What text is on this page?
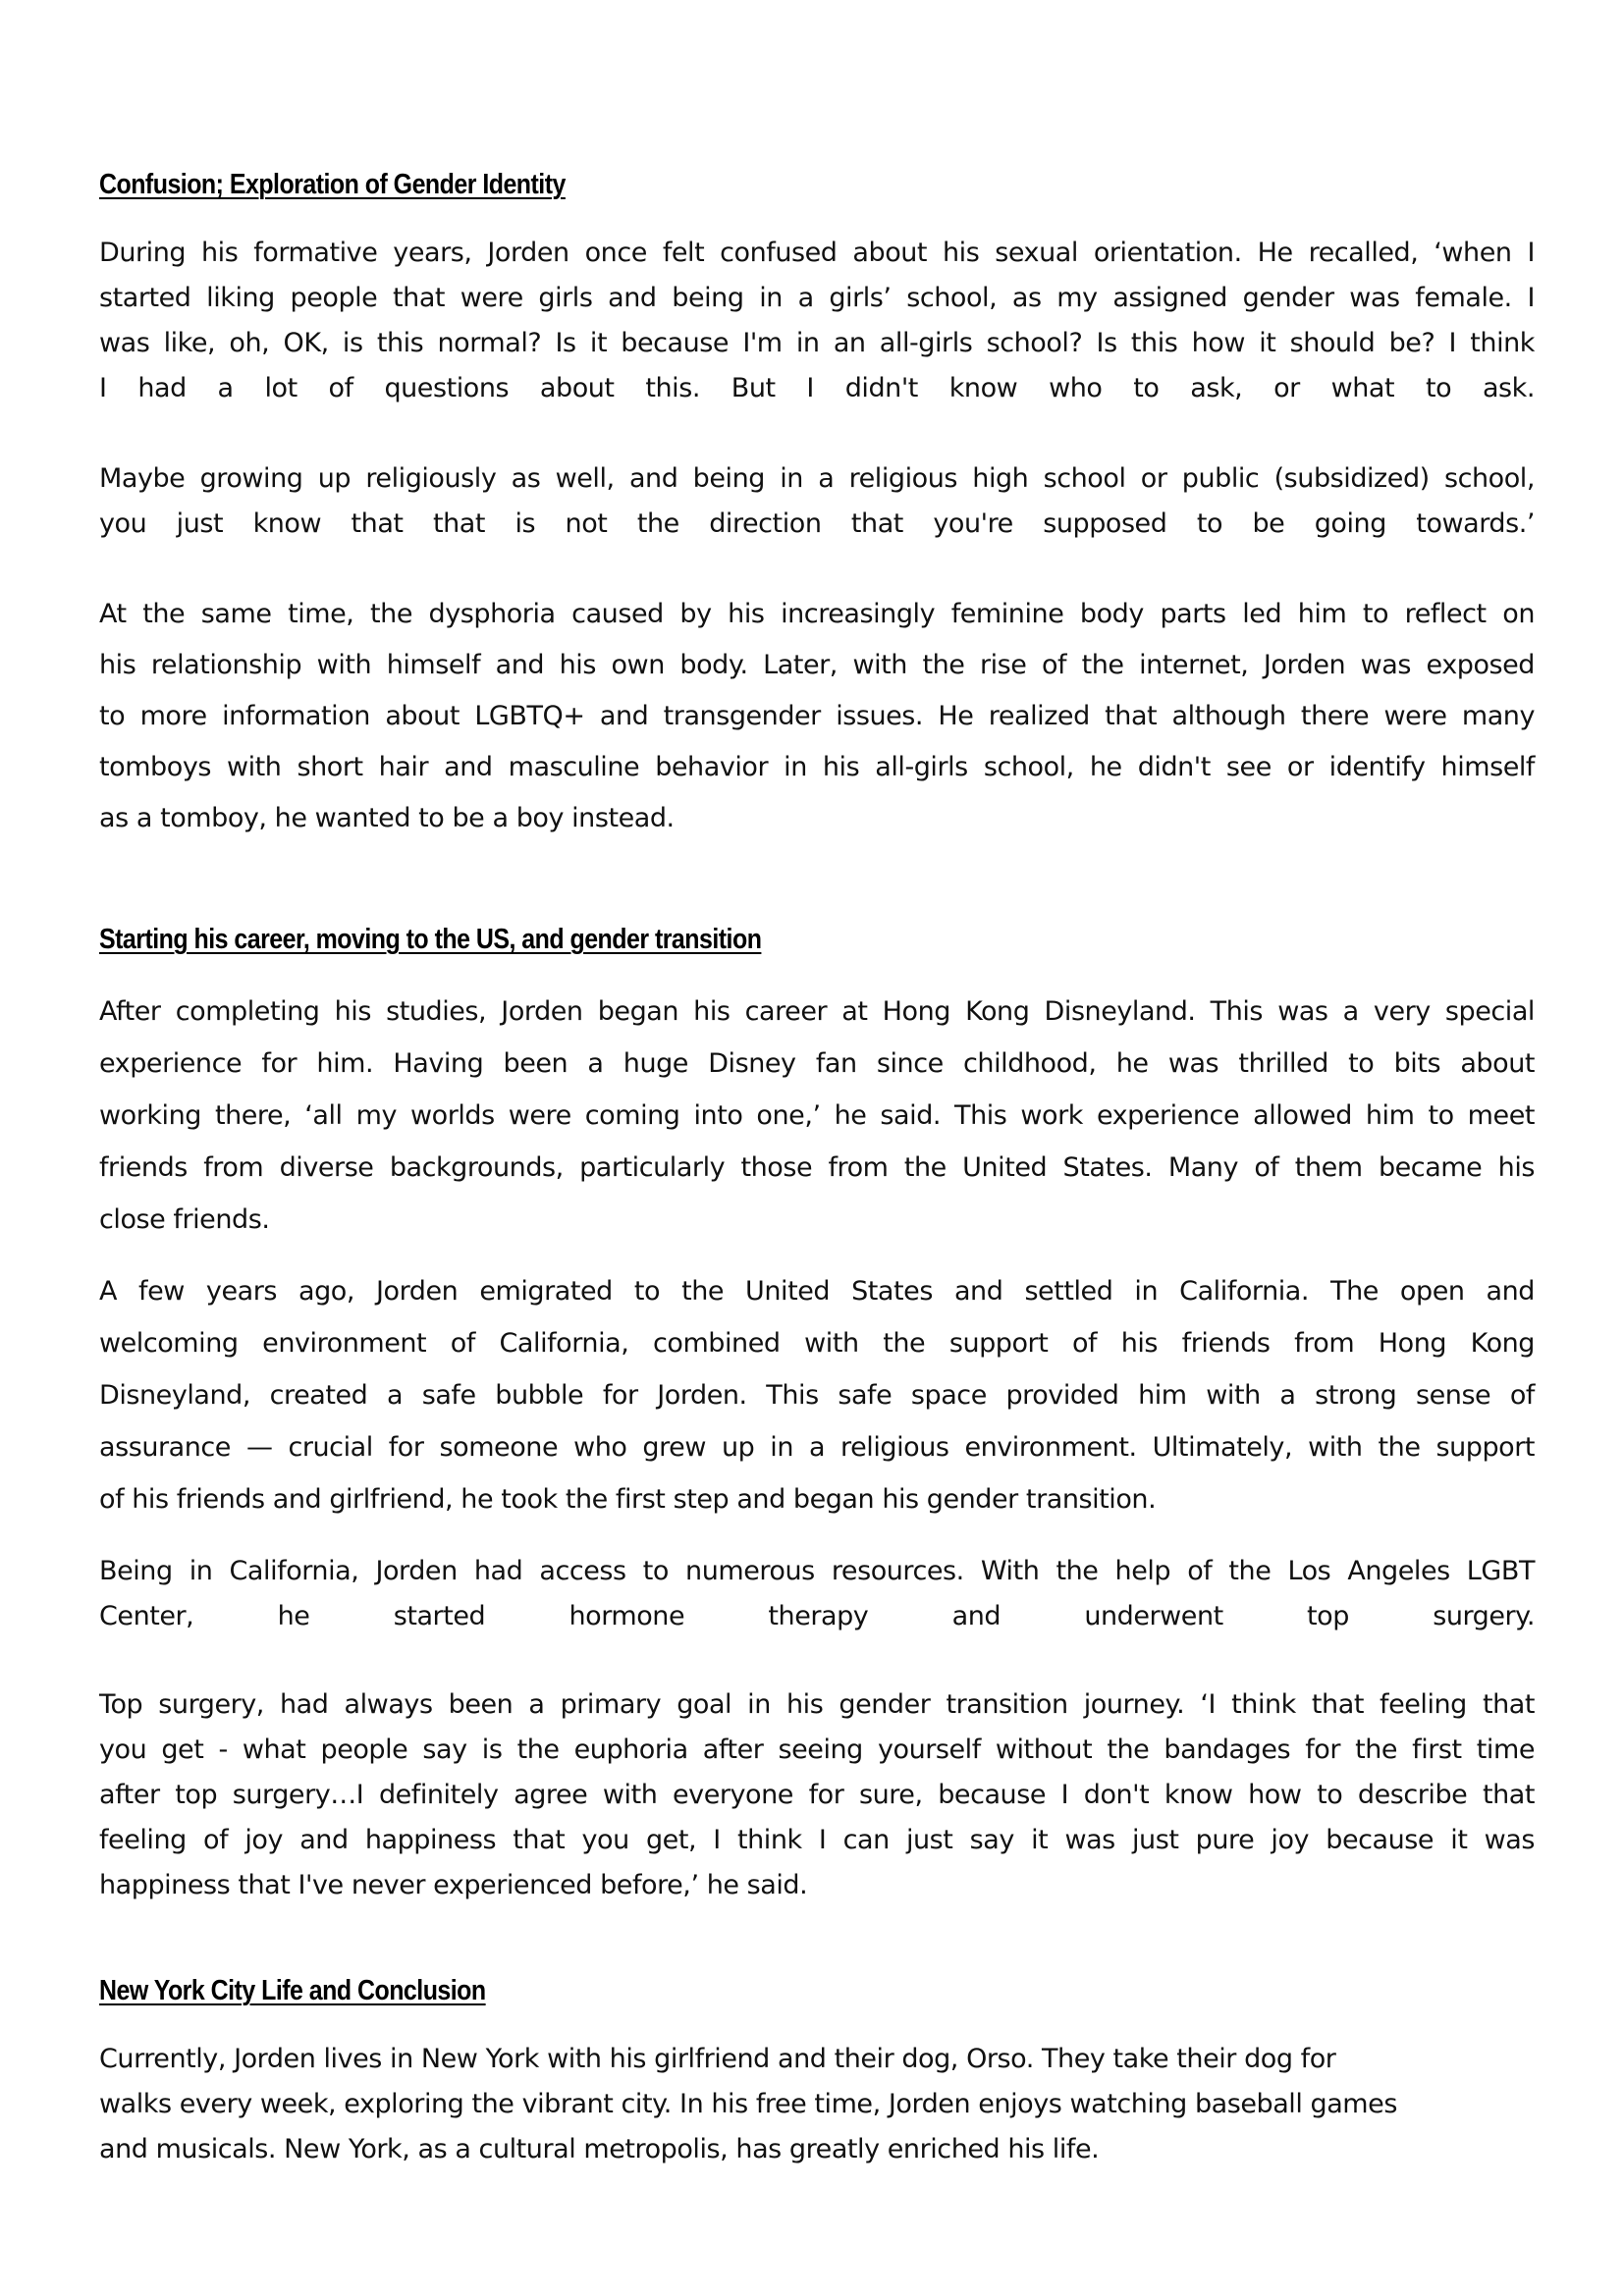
Confusion; Exploration of Gender Identity

During his formative years, Jorden once felt confused about his sexual orientation. He recalled, ‘when I
started liking people that were girls and being in a girls’ school, as my assigned gender was female. I
was like, oh, OK, is this normal? Is it because I'm in an all-girls school? Is this how it should be? I think
I had a lot of questions about this. But I didn't know who to ask, or what to ask.

Maybe growing up religiously as well, and being in a religious high school or public (subsidized) school,
you just know that that is not the direction that you're supposed to be going towards.’

At the same time, the dysphoria caused by his increasingly feminine body parts led him to reflect on
his relationship with himself and his own body. Later, with the rise of the internet, Jorden was exposed
to more information about LGBTQ+ and transgender issues. He realized that although there were many
tomboys with short hair and masculine behavior in his all-girls school, he didn't see or identify himself
as a tomboy, he wanted to be a boy instead.

Starting his career, moving to the US, and gender transition

After completing his studies, Jorden began his career at Hong Kong Disneyland. This was a very special
experience for him. Having been a huge Disney fan since childhood, he was thrilled to bits about
working there, ‘all my worlds were coming into one,’ he said. This work experience allowed him to meet
friends from diverse backgrounds, particularly those from the United States. Many of them became his
close friends.

A few years ago, Jorden emigrated to the United States and settled in California. The open and
welcoming environment of California, combined with the support of his friends from Hong Kong
Disneyland, created a safe bubble for Jorden. This safe space provided him with a strong sense of
assurance — crucial for someone who grew up in a religious environment. Ultimately, with the support
of his friends and girlfriend, he took the first step and began his gender transition.

Being in California, Jorden had access to numerous resources. With the help of the Los Angeles LGBT
Center, he started hormone therapy and underwent top surgery.

Top surgery, had always been a primary goal in his gender transition journey. ‘I think that feeling that
you get - what people say is the euphoria after seeing yourself without the bandages for the first time
after top surgery…I definitely agree with everyone for sure, because I don't know how to describe that
feeling of joy and happiness that you get, I think I can just say it was just pure joy because it was
happiness that I've never experienced before,’ he said.

New York City Life and Conclusion

Currently, Jorden lives in New York with his girlfriend and their dog, Orso. They take their dog for
walks every week, exploring the vibrant city. In his free time, Jorden enjoys watching baseball games
and musicals. New York, as a cultural metropolis, has greatly enriched his life.
